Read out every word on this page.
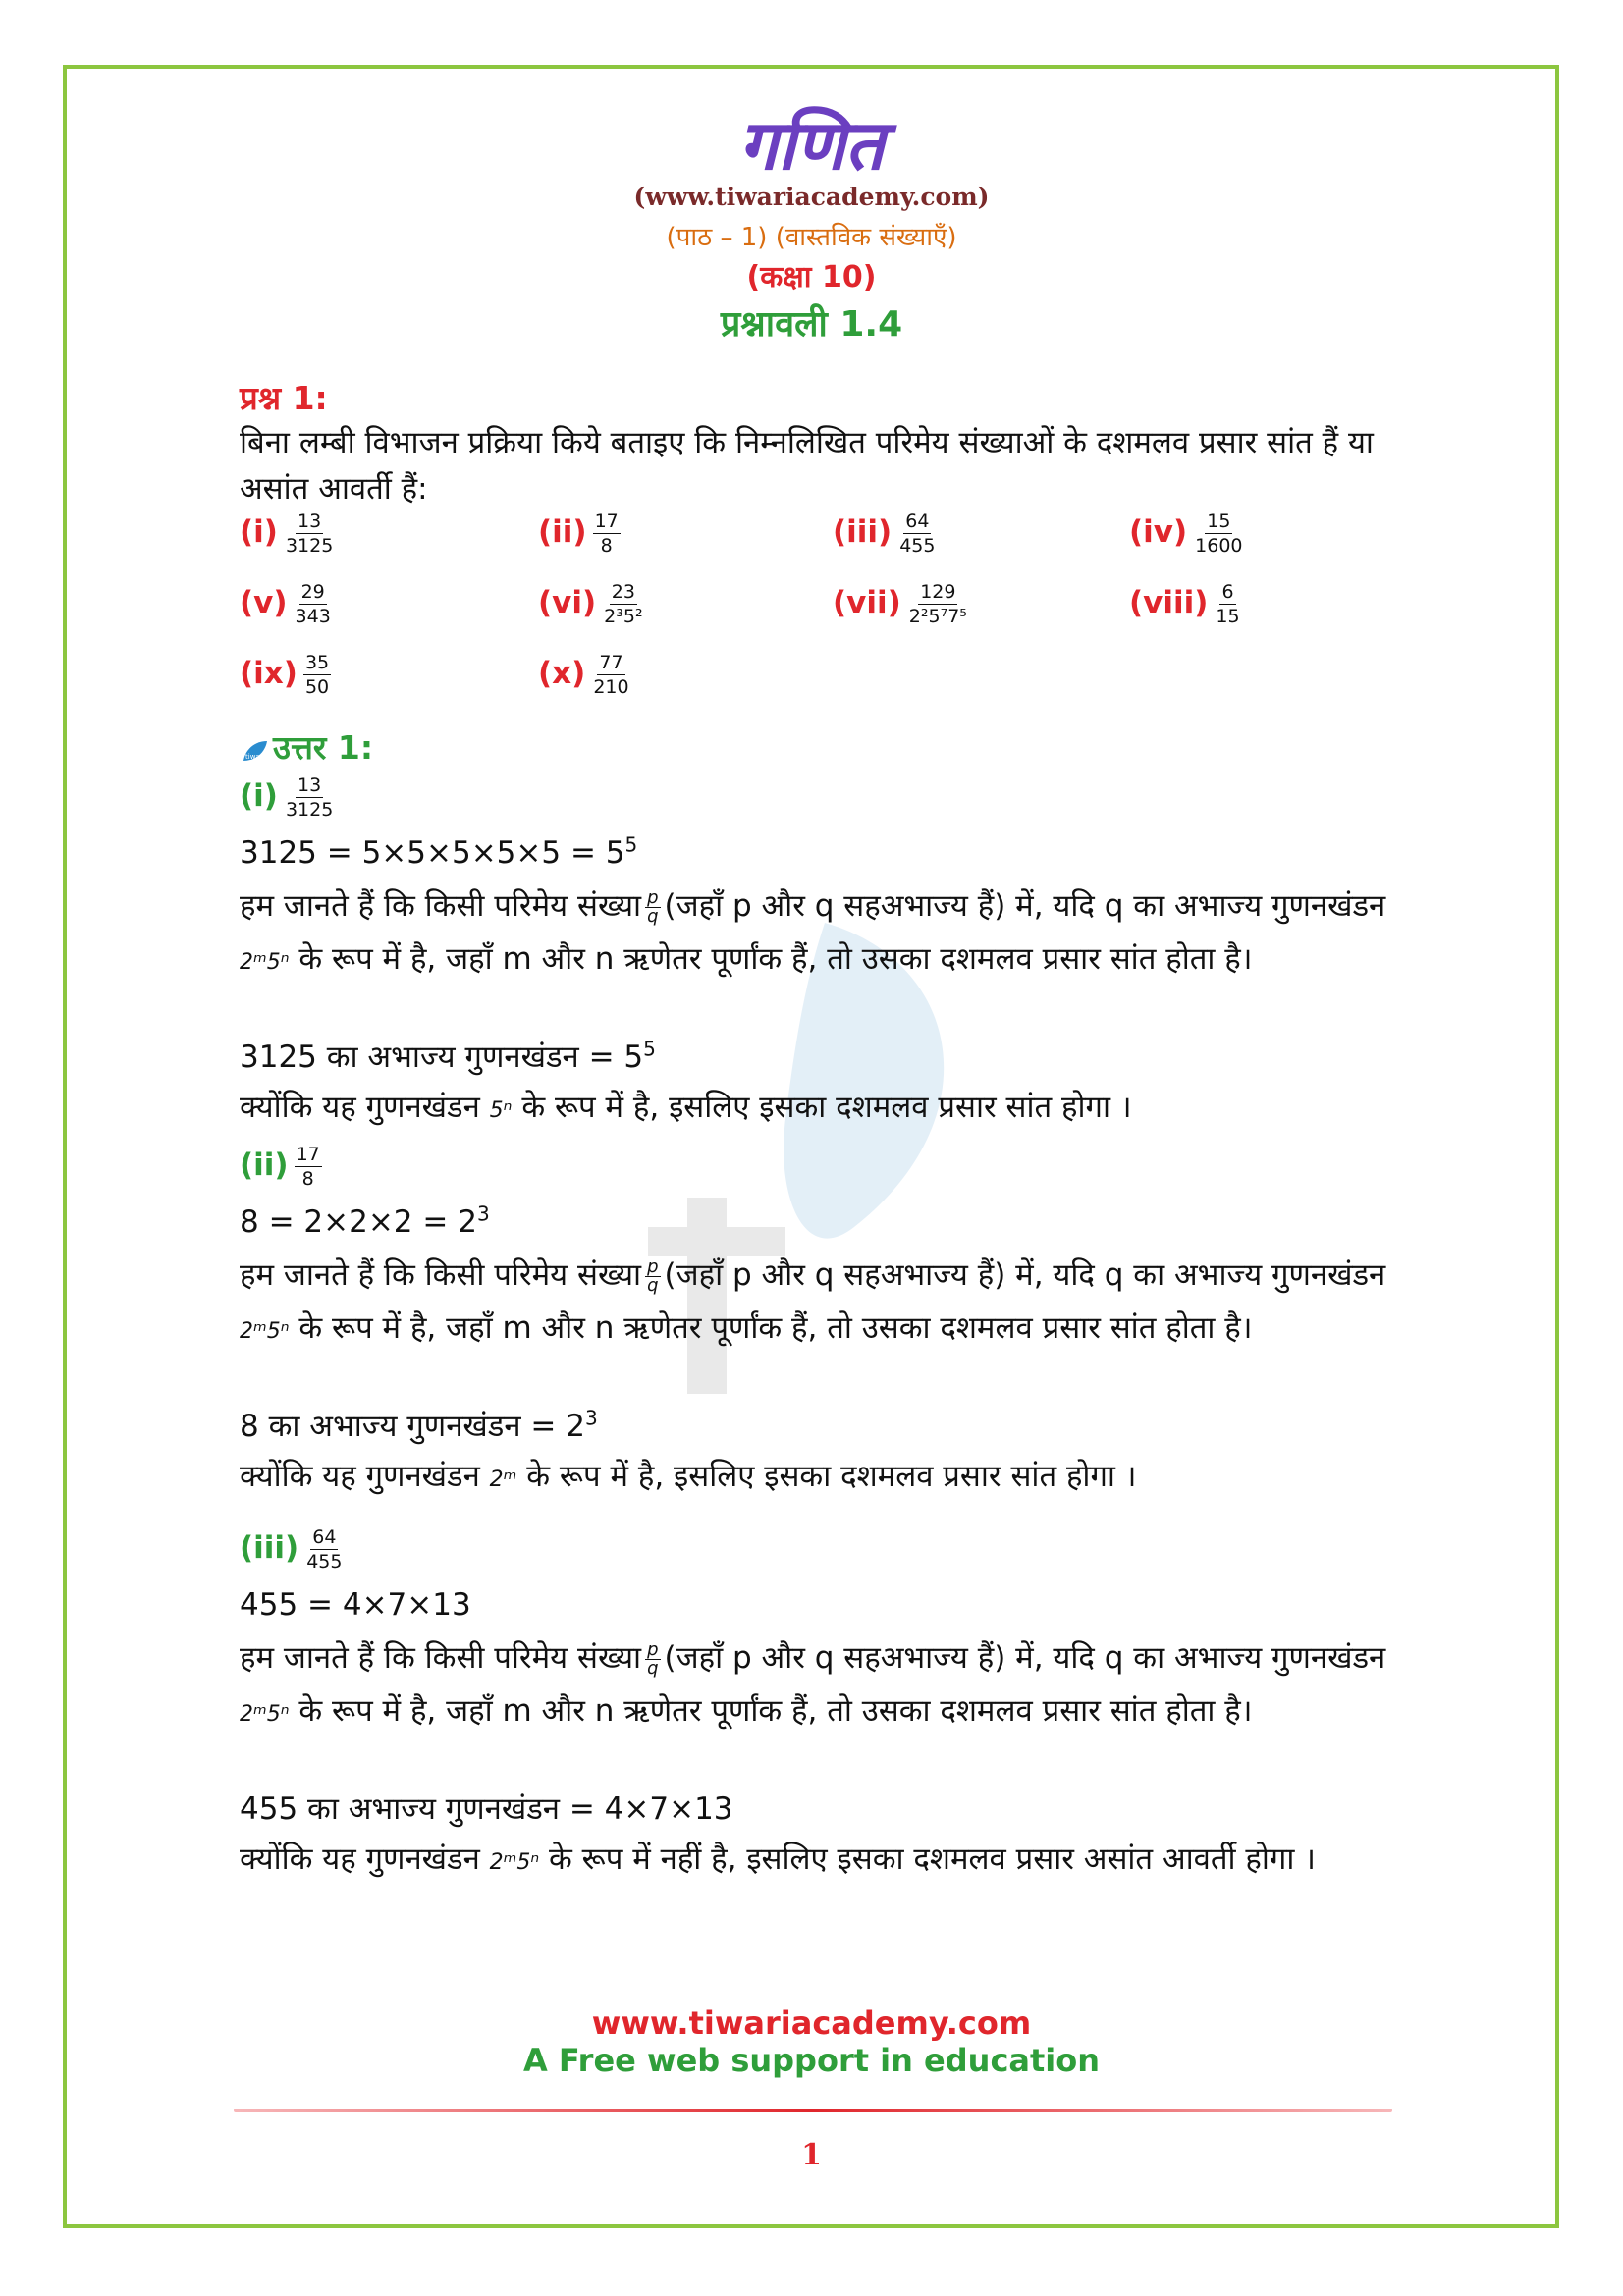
गणित
(www.tiwariacademy.com)
(पाठ – 1) (वास्तविक संख्याएँ)
(कक्षा 10)
प्रश्नावली 1.4
प्रश्न 1:
बिना लम्बी विभाजन प्रक्रिया किये बताइए कि निम्नलिखित परिमेय संख्याओं के दशमलव प्रसार सांत हैं या असांत आवर्ती हैं:
$(i) \frac{13}{3125}$	$(ii) \frac{17}{8}$	$(iii) \frac{64}{455}$	$(iv) \frac{15}{1600}$
$(v) \frac{29}{343}$	$(vi) \frac{23}{\text{2³5²}}$	$(vii) \frac{129}{\text{2²5⁷7⁵}}$	(viii) $\frac{6}{15}$
$(ix) \frac{35}{50}$	$(x) \frac{77}{210}$
tiwari उत्तर 1:
$(i) \frac{13}{3125}$
$3125 = 5\times 5\times 5\times 5\times 5 = 5^5$
हम जानते हैं कि किसी परिमेय संख्या $\frac{p}{q}$ (जहाँ p और q सहअभाज्य हैं) में, यदि q का अभाज्य गुणनखंडन 2ᵐ5ⁿ के रूप में है, जहाँ m और n ऋणेतर पूर्णांक हैं, तो उसका दशमलव प्रसार सांत होता है।
3125 का अभाज्य गुणनखंडन = $5^5$
क्योंकि यह गुणनखंडन 5ⁿ के रूप में है, इसलिए इसका दशमलव प्रसार सांत होगा ।
$(ii) \frac{17}{8}$
$8 = 2\times 2\times 2 = 2^3$
हम जानते हैं कि किसी परिमेय संख्या $\frac{p}{q}$ (जहाँ p और q सहअभाज्य हैं) में, यदि q का अभाज्य गुणनखंडन 2ᵐ5ⁿ के रूप में है, जहाँ m और n ऋणेतर पूर्णांक हैं, तो उसका दशमलव प्रसार सांत होता है।
8 का अभाज्य गुणनखंडन = $2^3$
क्योंकि यह गुणनखंडन 2ᵐ के रूप में है, इसलिए इसका दशमलव प्रसार सांत होगा ।
$(iii) \frac{64}{455}$
455 = 4×7×13
हम जानते हैं कि किसी परिमेय संख्या $\frac{p}{q}$ (जहाँ p और q सहअभाज्य हैं) में, यदि q का अभाज्य गुणनखंडन 2ᵐ5ⁿ के रूप में है, जहाँ m और n ऋणेतर पूर्णांक हैं, तो उसका दशमलव प्रसार सांत होता है।
455 का अभाज्य गुणनखंडन = 4×7×13
क्योंकि यह गुणनखंडन 2ᵐ5ⁿ के रूप में नहीं है, इसलिए इसका दशमलव प्रसार असांत आवर्ती होगा ।
www.tiwariacademy.com
A Free web support in education
1
